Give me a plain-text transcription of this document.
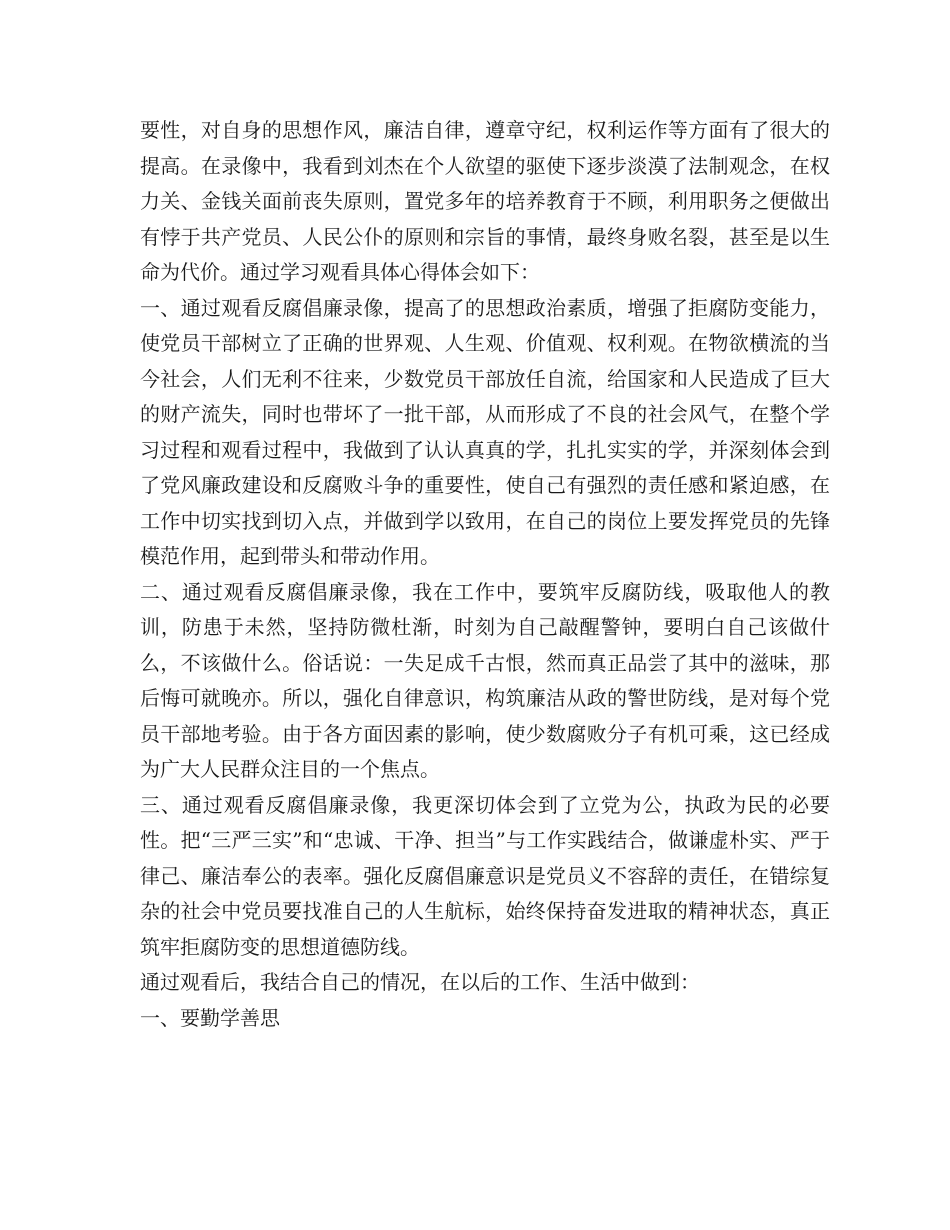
要性，对自身的思想作风，廉洁自律，遵章守纪，权利运作等方面有了很大的提高。在录像中，我看到刘杰在个人欲望的驱使下逐步淡漠了法制观念，在权力关、金钱关面前丧失原则，置党多年的培养教育于不顾，利用职务之便做出有悖于共产党员、人民公仆的原则和宗旨的事情，最终身败名裂，甚至是以生命为代价。通过学习观看具体心得体会如下：

一、通过观看反腐倡廉录像，提高了的思想政治素质，增强了拒腐防变能力，使党员干部树立了正确的世界观、人生观、价值观、权利观。在物欲横流的当今社会，人们无利不往来，少数党员干部放任自流，给国家和人民造成了巨大的财产流失，同时也带坏了一批干部，从而形成了不良的社会风气，在整个学习过程和观看过程中，我做到了认认真真的学，扎扎实实的学，并深刻体会到了党风廉政建设和反腐败斗争的重要性，使自己有强烈的责任感和紧迫感，在工作中切实找到切入点，并做到学以致用，在自己的岗位上要发挥党员的先锋模范作用，起到带头和带动作用。

二、通过观看反腐倡廉录像，我在工作中，要筑牢反腐防线，吸取他人的教训，防患于未然，坚持防微杜渐，时刻为自己敲醒警钟，要明白自己该做什么，不该做什么。俗话说：一失足成千古恨，然而真正品尝了其中的滋味，那后悔可就晚亦。所以，强化自律意识，构筑廉洁从政的警世防线，是对每个党员干部地考验。由于各方面因素的影响，使少数腐败分子有机可乘，这已经成为广大人民群众注目的一个焦点。

三、通过观看反腐倡廉录像，我更深切体会到了立党为公，执政为民的必要性。把“三严三实”和“忠诚、干净、担当”与工作实践结合，做谦虚朴实、严于律己、廉洁奉公的表率。强化反腐倡廉意识是党员义不容辞的责任，在错综复杂的社会中党员要找准自己的人生航标，始终保持奋发进取的精神状态，真正筑牢拒腐防变的思想道德防线。

通过观看后，我结合自己的情况，在以后的工作、生活中做到：

一、要勤学善思
